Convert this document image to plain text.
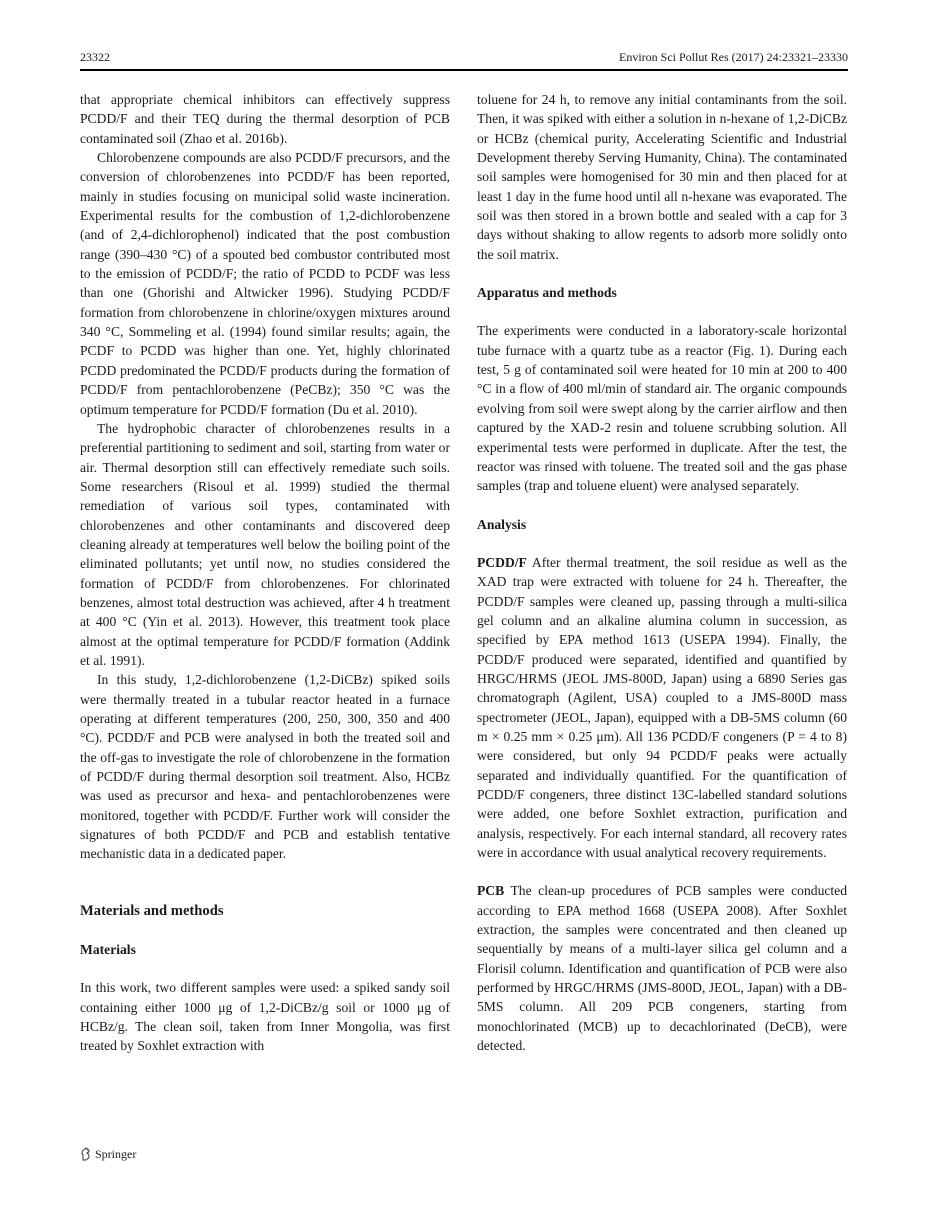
23322	Environ Sci Pollut Res (2017) 24:23321–23330

that appropriate chemical inhibitors can effectively suppress PCDD/F and their TEQ during the thermal desorption of PCB contaminated soil (Zhao et al. 2016b).

Chlorobenzene compounds are also PCDD/F precursors, and the conversion of chlorobenzenes into PCDD/F has been reported, mainly in studies focusing on municipal solid waste incineration. Experimental results for the combustion of 1,2-dichlorobenzene (and of 2,4-dichlorophenol) indicated that the post combustion range (390–430 °C) of a spouted bed combustor contributed most to the emission of PCDD/F; the ratio of PCDD to PCDF was less than one (Ghorishi and Altwicker 1996). Studying PCDD/F formation from chlorobenzene in chlorine/oxygen mixtures around 340 °C, Sommeling et al. (1994) found similar results; again, the PCDF to PCDD was higher than one. Yet, highly chlorinated PCDD predominated the PCDD/F products during the formation of PCDD/F from pentachlorobenzene (PeCBz); 350 °C was the optimum temperature for PCDD/F formation (Du et al. 2010).

The hydrophobic character of chlorobenzenes results in a preferential partitioning to sediment and soil, starting from water or air. Thermal desorption still can effectively remediate such soils. Some researchers (Risoul et al. 1999) studied the thermal remediation of various soil types, contaminated with chlorobenzenes and other contaminants and discovered deep cleaning already at temperatures well below the boiling point of the eliminated pollutants; yet until now, no studies considered the formation of PCDD/F from chlorobenzenes. For chlorinated benzenes, almost total destruction was achieved, after 4 h treatment at 400 °C (Yin et al. 2013). However, this treatment took place almost at the optimal temperature for PCDD/F formation (Addink et al. 1991).

In this study, 1,2-dichlorobenzene (1,2-DiCBz) spiked soils were thermally treated in a tubular reactor heated in a furnace operating at different temperatures (200, 250, 300, 350 and 400 °C). PCDD/F and PCB were analysed in both the treated soil and the off-gas to investigate the role of chlorobenzene in the formation of PCDD/F during thermal desorption soil treatment. Also, HCBz was used as precursor and hexa- and pentachlorobenzenes were monitored, together with PCDD/F. Further work will consider the signatures of both PCDD/F and PCB and establish tentative mechanistic data in a dedicated paper.

Materials and methods
Materials

In this work, two different samples were used: a spiked sandy soil containing either 1000 μg of 1,2-DiCBz/g soil or 1000 μg of HCBz/g. The clean soil, taken from Inner Mongolia, was first treated by Soxhlet extraction with

toluene for 24 h, to remove any initial contaminants from the soil. Then, it was spiked with either a solution in n-hexane of 1,2-DiCBz or HCBz (chemical purity, Accelerating Scientific and Industrial Development thereby Serving Humanity, China). The contaminated soil samples were homogenised for 30 min and then placed for at least 1 day in the fume hood until all n-hexane was evaporated. The soil was then stored in a brown bottle and sealed with a cap for 3 days without shaking to allow regents to adsorb more solidly onto the soil matrix.

Apparatus and methods

The experiments were conducted in a laboratory-scale horizontal tube furnace with a quartz tube as a reactor (Fig. 1). During each test, 5 g of contaminated soil were heated for 10 min at 200 to 400 °C in a flow of 400 ml/min of standard air. The organic compounds evolving from soil were swept along by the carrier airflow and then captured by the XAD-2 resin and toluene scrubbing solution. All experimental tests were performed in duplicate. After the test, the reactor was rinsed with toluene. The treated soil and the gas phase samples (trap and toluene eluent) were analysed separately.

Analysis

PCDD/F After thermal treatment, the soil residue as well as the XAD trap were extracted with toluene for 24 h. Thereafter, the PCDD/F samples were cleaned up, passing through a multi-silica gel column and an alkaline alumina column in succession, as specified by EPA method 1613 (USEPA 1994). Finally, the PCDD/F produced were separated, identified and quantified by HRGC/HRMS (JEOL JMS-800D, Japan) using a 6890 Series gas chromatograph (Agilent, USA) coupled to a JMS-800D mass spectrometer (JEOL, Japan), equipped with a DB-5MS column (60 m × 0.25 mm × 0.25 μm). All 136 PCDD/F congeners (P = 4 to 8) were considered, but only 94 PCDD/F peaks were actually separated and individually quantified. For the quantification of PCDD/F congeners, three distinct 13C-labelled standard solutions were added, one before Soxhlet extraction, purification and analysis, respectively. For each internal standard, all recovery rates were in accordance with usual analytical recovery requirements.

PCB The clean-up procedures of PCB samples were conducted according to EPA method 1668 (USEPA 2008). After Soxhlet extraction, the samples were concentrated and then cleaned up sequentially by means of a multi-layer silica gel column and a Florisil column. Identification and quantification of PCB were also performed by HRGC/HRMS (JMS-800D, JEOL, Japan) with a DB-5MS column. All 209 PCB congeners, starting from monochlorinated (MCB) up to decachlorinated (DeCB), were detected.

Springer
